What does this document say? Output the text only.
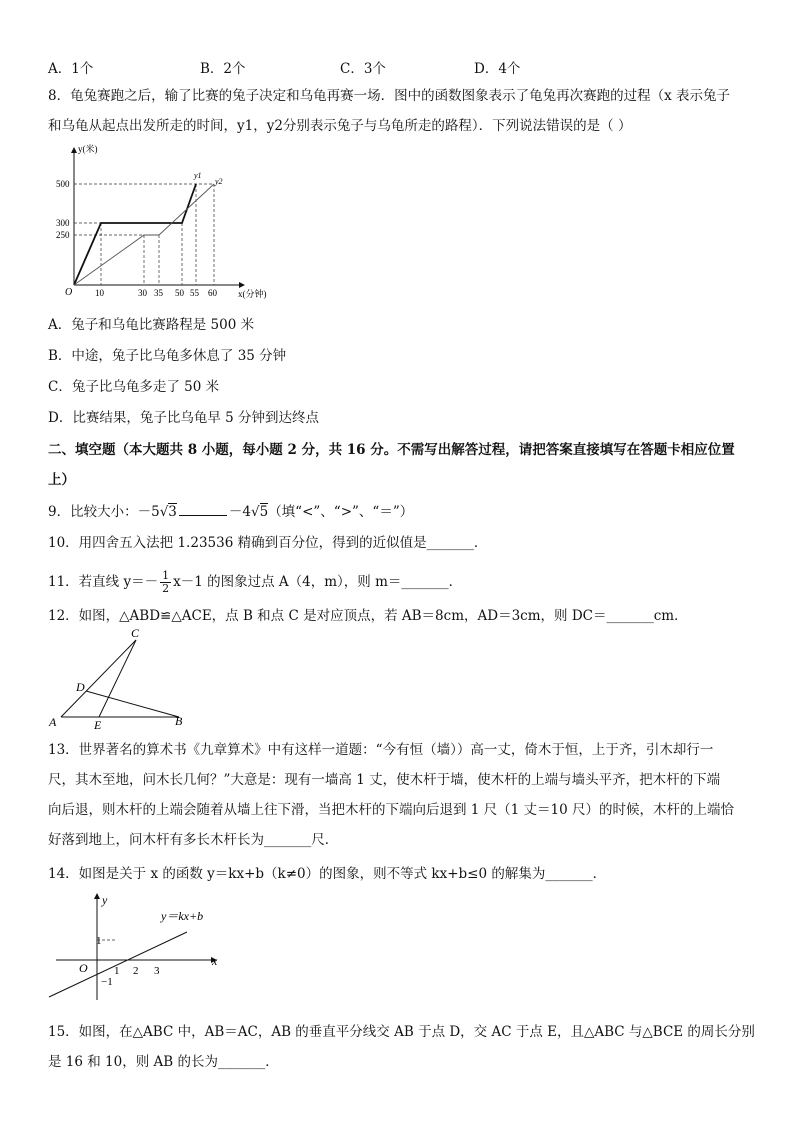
A．1个	B．2个	C．3个	D．4个
8．龟兔赛跑之后，输了比赛的兔子决定和乌龟再赛一场．图中的函数图象表示了龟兔再次赛跑的过程（x 表示兔子
和乌龟从起点出发所走的时间，y1，y2分别表示兔子与乌龟所走的路程）．下列说法错误的是（ ）
y(米)
x(分钟)
O
y1
y2
500
300
250
10	30 35 50 55 60
A．兔子和乌龟比赛路程是 500 米
B．中途，兔子比乌龟多休息了 35 分钟
C．兔子比乌龟多走了 50 米
D．比赛结果，兔子比乌龟早 5 分钟到达终点
二、填空题（本大题共 8 小题，每小题 2 分，共 16 分。不需写出解答过程，请把答案直接填写在答题卡相应位置
上）
9．比较大小：－5√3	－4√5（填“<”、“>”、“＝”）
10．用四舍五入法把 1.23536 精确到百分位，得到的近似值是_______．
11．若直线 $y=- \frac{1}{2} x-1$ 的图象过点 A（4，m），则 m＝_______．
12．如图，△ABD≌△ACE，点 B 和点 C 是对应顶点，若 AB＝8cm，AD＝3cm，则 DC＝_______cm．
C
D
A	E	B
13．世界著名的算术书《九章算术》中有这样一道题：“今有恒（墙））高一丈，倚木于恒，上于齐，引木却行一
尺，其木至地，问木长几何？”大意是：现有一墙高 1 丈，使木杆于墙，使木杆的上端与墙头平齐，把木杆的下端
向后退，则木杆的上端会随着从墙上往下滑，当把木杆的下端向后退到 1 尺（1 丈＝10 尺）的时候，木杆的上端恰
好落到地上，问木杆有多长木杆长为_______尺．
14．如图是关于 x 的函数 y＝kx+b（k≠0）的图象，则不等式 kx+b≤0 的解集为_______．
y
x
O
y＝kx+b
1
−1
1 2 3
15．如图，在△ABC 中，AB＝AC，AB 的垂直平分线交 AB 于点 D，交 AC 于点 E，且△ABC 与△BCE 的周长分别
是 16 和 10，则 AB 的长为_______．
